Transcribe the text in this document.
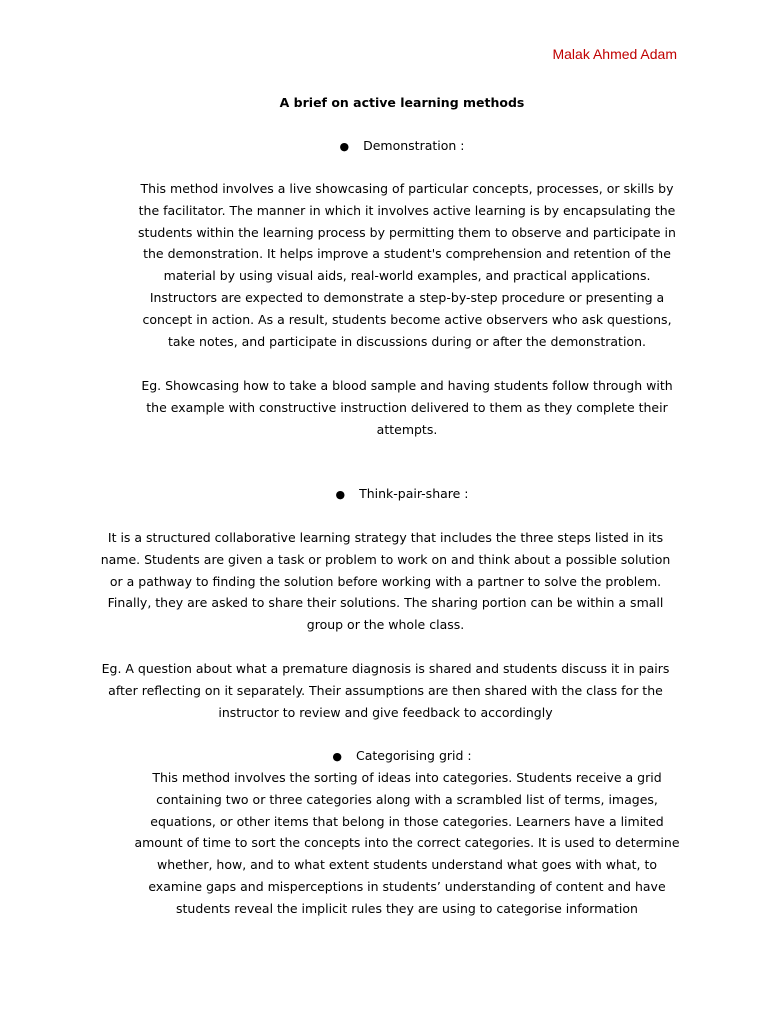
Malak Ahmed Adam
A brief on active learning methods
● Demonstration :

This method involves a live showcasing of particular concepts, processes, or skills by the facilitator. The manner in which it involves active learning is by encapsulating the students within the learning process by permitting them to observe and participate in the demonstration. It helps improve a student's comprehension and retention of the material by using visual aids, real-world examples, and practical applications. Instructors are expected to demonstrate a step-by-step procedure or presenting a concept in action. As a result, students become active observers who ask questions, take notes, and participate in discussions during or after the demonstration.

Eg. Showcasing how to take a blood sample and having students follow through with the example with constructive instruction delivered to them as they complete their attempts.

● Think-pair-share :

It is a structured collaborative learning strategy that includes the three steps listed in its name. Students are given a task or problem to work on and think about a possible solution or a pathway to finding the solution before working with a partner to solve the problem. Finally, they are asked to share their solutions. The sharing portion can be within a small group or the whole class.

Eg. A question about what a premature diagnosis is shared and students discuss it in pairs after reflecting on it separately. Their assumptions are then shared with the class for the instructor to review and give feedback to accordingly

● Categorising grid :

This method involves the sorting of ideas into categories. Students receive a grid containing two or three categories along with a scrambled list of terms, images, equations, or other items that belong in those categories. Learners have a limited amount of time to sort the concepts into the correct categories. It is used to determine whether, how, and to what extent students understand what goes with what, to examine gaps and misperceptions in students’ understanding of content and have students reveal the implicit rules they are using to categorise information
